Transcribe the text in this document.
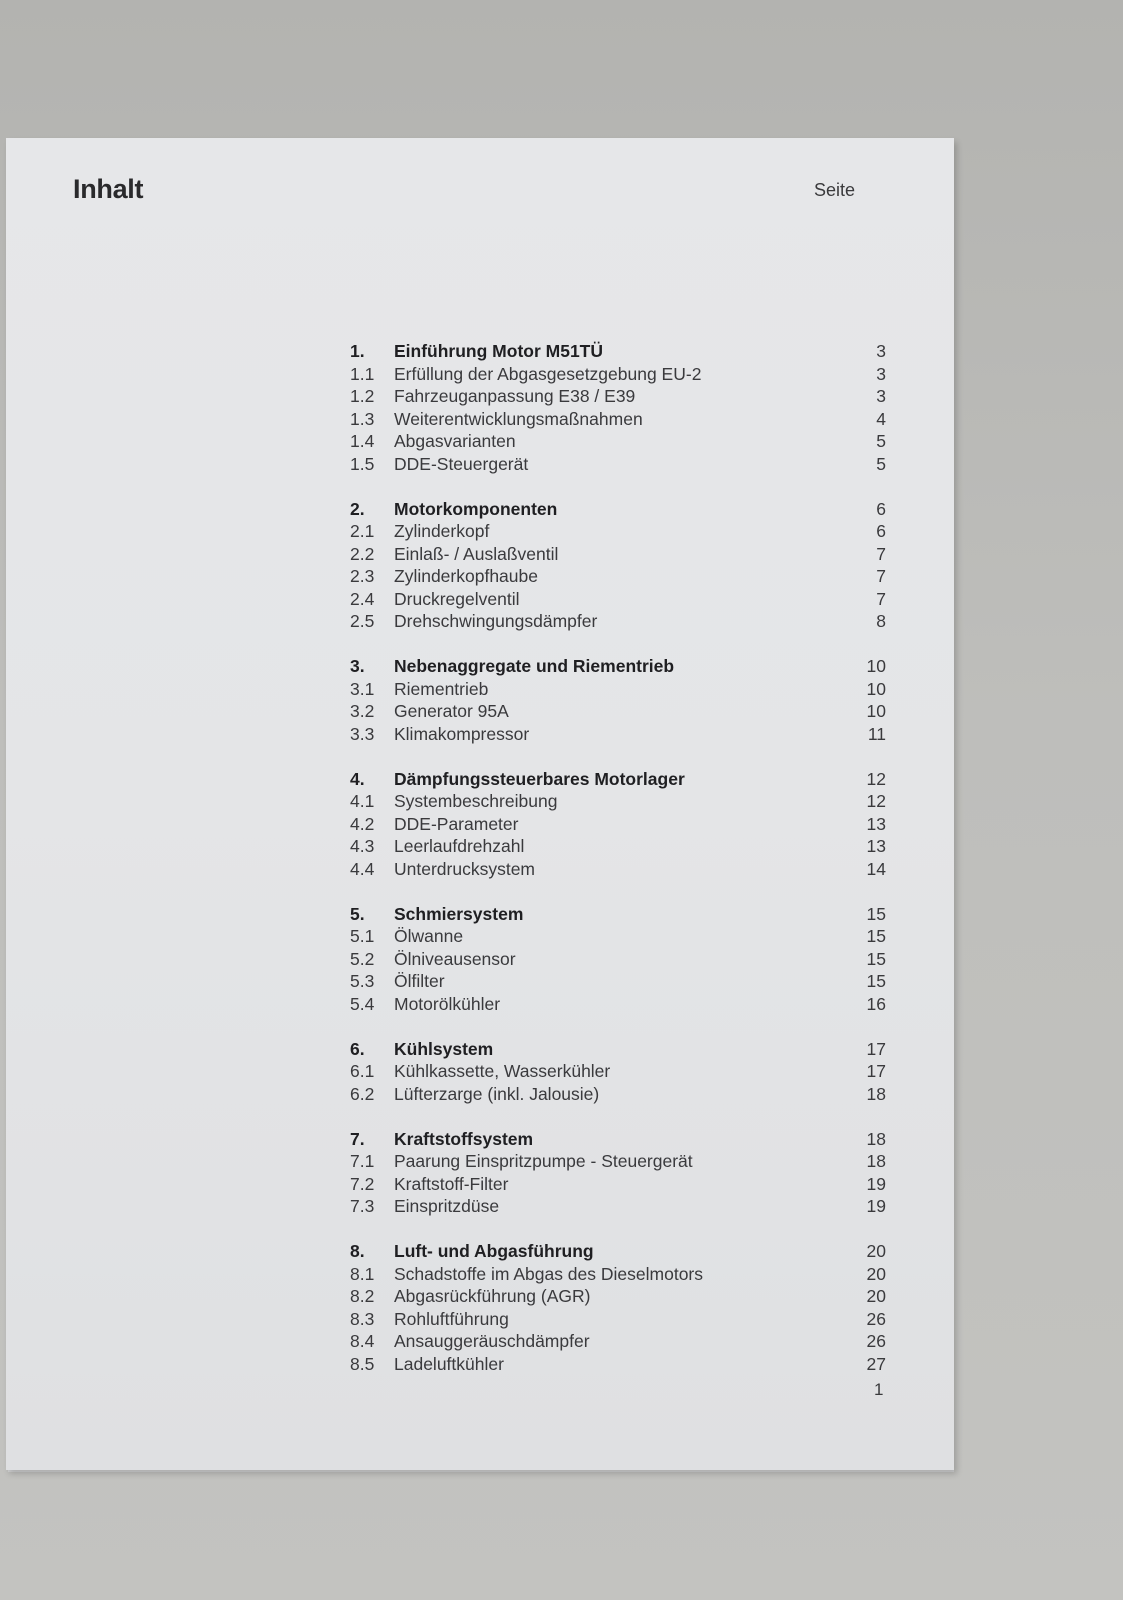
Inhalt	Seite
1.	Einführung Motor M51TÜ	3
1.1	Erfüllung der Abgasgesetzgebung EU-2	3
1.2	Fahrzeuganpassung E38 / E39	3
1.3	Weiterentwicklungsmaßnahmen	4
1.4	Abgasvarianten	5
1.5	DDE-Steuergerät	5
2.	Motorkomponenten	6
2.1	Zylinderkopf	6
2.2	Einlaß- / Auslaßventil	7
2.3	Zylinderkopfhaube	7
2.4	Druckregelventil	7
2.5	Drehschwingungsdämpfer	8
3.	Nebenaggregate und Riementrieb	10
3.1	Riementrieb	10
3.2	Generator 95A	10
3.3	Klimakompressor	11
4.	Dämpfungssteuerbares Motorlager	12
4.1	Systembeschreibung	12
4.2	DDE-Parameter	13
4.3	Leerlaufdrehzahl	13
4.4	Unterdrucksystem	14
5.	Schmiersystem	15
5.1	Ölwanne	15
5.2	Ölniveausensor	15
5.3	Ölfilter	15
5.4	Motorölkühler	16
6.	Kühlsystem	17
6.1	Kühlkassette, Wasserkühler	17
6.2	Lüfterzarge (inkl. Jalousie)	18
7.	Kraftstoffsystem	18
7.1	Paarung Einspritzpumpe - Steuergerät	18
7.2	Kraftstoff-Filter	19
7.3	Einspritzdüse	19
8.	Luft- und Abgasführung	20
8.1	Schadstoffe im Abgas des Dieselmotors	20
8.2	Abgasrückführung (AGR)	20
8.3	Rohluftführung	26
8.4	Ansauggeräuschdämpfer	26
8.5	Ladeluftkühler	27
1
